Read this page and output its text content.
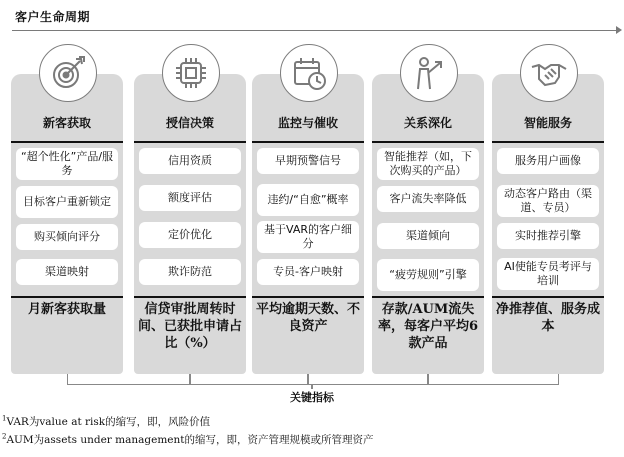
客户生命周期
新客获取
“超个性化”产品/服务
目标客户重新锁定
购买倾向评分
渠道映射
月新客获取量
授信决策
信用资质
额度评估
定价优化
欺诈防范
信贷审批周转时间、已获批申请占比（%）
监控与催收
早期预警信号
违约/“自愈”概率
基于VAR的客户细分
专员-客户映射
平均逾期天数、不良资产
关系深化
智能推荐（如，下次购买的产品）
客户流失率降低
渠道倾向
“疲劳规则”引擎
存款/AUM流失率，每客户平均6款产品
智能服务
服务用户画像
动态客户路由（渠道、专员）
实时推荐引擎
AI使能专员考评与培训
净推荐值、服务成本
关键指标
$^1$VAR为value at risk的缩写，即，风险价值
$^2$AUM为assets under management的缩写，即，资产管理规模或所管理资产
